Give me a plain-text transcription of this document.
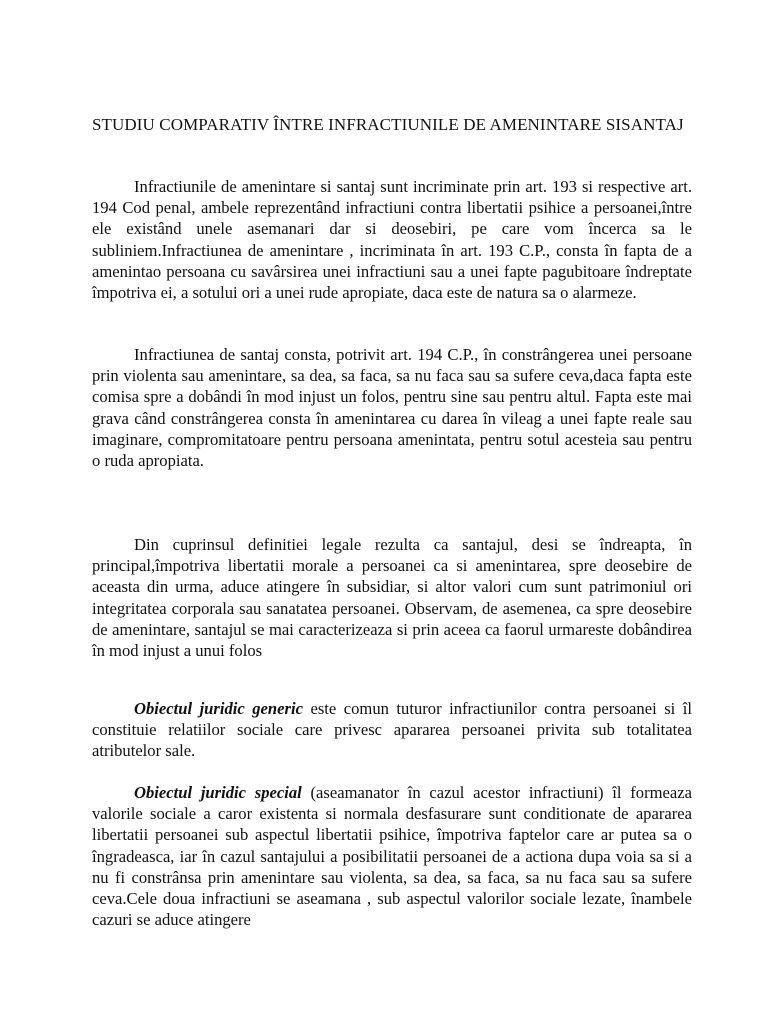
STUDIU COMPARATIV ÎNTRE INFRACTIUNILE DE AMENINTARE SISANTAJ

Infractiunile de amenintare si santaj sunt incriminate prin art. 193 si respective art. 194 Cod penal, ambele reprezentând infractiuni contra libertatii psihice a persoanei,între ele existând unele asemanari dar si deosebiri, pe care vom încerca sa le subliniem.Infractiunea de amenintare , incriminata în art. 193 C.P., consta în fapta de a amenintao persoana cu savârsirea unei infractiuni sau a unei fapte pagubitoare îndreptate împotriva ei, a sotului ori a unei rude apropiate, daca este de natura sa o alarmeze.

Infractiunea de santaj consta, potrivit art. 194 C.P., în constrângerea unei persoane prin violenta sau amenintare, sa dea, sa faca, sa nu faca sau sa sufere ceva,daca fapta este comisa spre a dobândi în mod injust un folos, pentru sine sau pentru altul. Fapta este mai grava când constrângerea consta în amenintarea cu darea în vileag a unei fapte reale sau imaginare, compromitatoare pentru persoana amenintata, pentru sotul acesteia sau pentru o ruda apropiata.

Din cuprinsul definitiei legale rezulta ca santajul, desi se îndreapta, în principal,împotriva libertatii morale a persoanei ca si amenintarea, spre deosebire de aceasta din urma, aduce atingere în subsidiar, si altor valori cum sunt patrimoniul ori integritatea corporala sau sanatatea persoanei. Observam, de asemenea, ca spre deosebire de amenintare, santajul se mai caracterizeaza si prin aceea ca faorul urmareste dobândirea în mod injust a unui folos

Obiectul juridic generic este comun tuturor infractiunilor contra persoanei si îl constituie relatiilor sociale care privesc apararea persoanei privita sub totalitatea atributelor sale.

Obiectul juridic special (aseamanator în cazul acestor infractiuni) îl formeaza valorile sociale a caror existenta si normala desfasurare sunt conditionate de apararea libertatii persoanei sub aspectul libertatii psihice, împotriva faptelor care ar putea sa o îngradeasca, iar în cazul santajului a posibilitatii persoanei de a actiona dupa voia sa si a nu fi constrânsa prin amenintare sau violenta, sa dea, sa faca, sa nu faca sau sa sufere ceva.Cele doua infractiuni se aseamana , sub aspectul valorilor sociale lezate, înambele cazuri se aduce atingere
